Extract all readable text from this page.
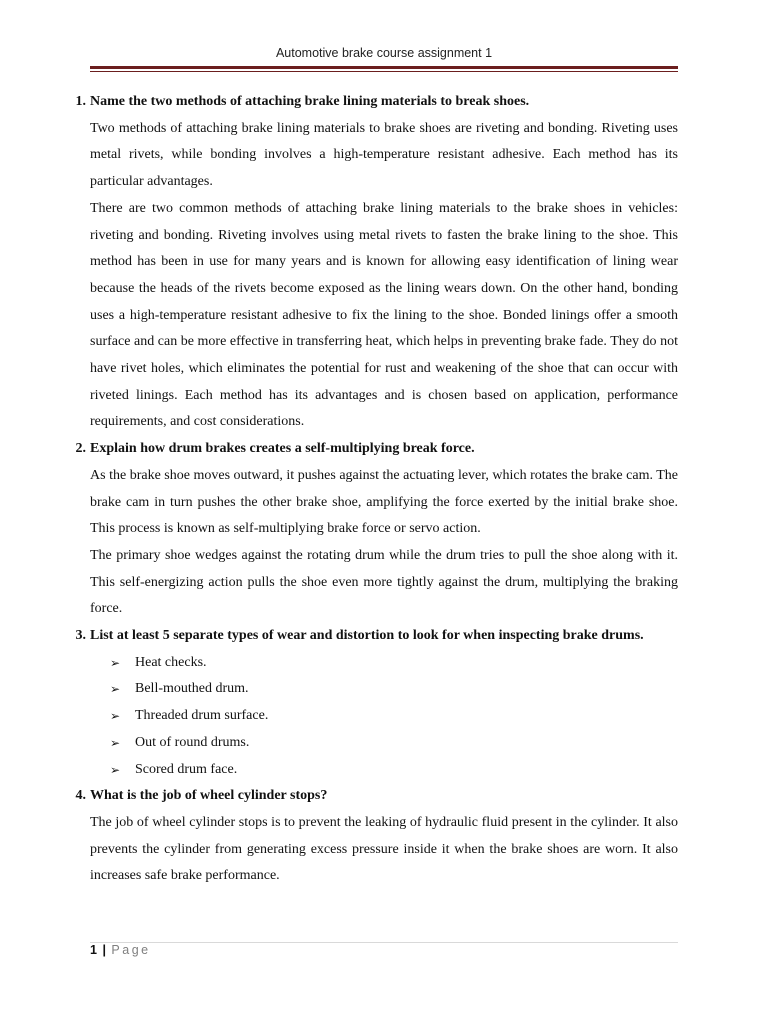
Automotive brake course assignment 1
1. Name the two methods of attaching brake lining materials to break shoes.

Two methods of attaching brake lining materials to brake shoes are riveting and bonding. Riveting uses metal rivets, while bonding involves a high-temperature resistant adhesive. Each method has its particular advantages.

There are two common methods of attaching brake lining materials to the brake shoes in vehicles: riveting and bonding. Riveting involves using metal rivets to fasten the brake lining to the shoe. This method has been in use for many years and is known for allowing easy identification of lining wear because the heads of the rivets become exposed as the lining wears down. On the other hand, bonding uses a high-temperature resistant adhesive to fix the lining to the shoe. Bonded linings offer a smooth surface and can be more effective in transferring heat, which helps in preventing brake fade. They do not have rivet holes, which eliminates the potential for rust and weakening of the shoe that can occur with riveted linings. Each method has its advantages and is chosen based on application, performance requirements, and cost considerations.

2. Explain how drum brakes creates a self-multiplying break force.

As the brake shoe moves outward, it pushes against the actuating lever, which rotates the brake cam. The brake cam in turn pushes the other brake shoe, amplifying the force exerted by the initial brake shoe. This process is known as self-multiplying brake force or servo action.

The primary shoe wedges against the rotating drum while the drum tries to pull the shoe along with it. This self-energizing action pulls the shoe even more tightly against the drum, multiplying the braking force.

3. List at least 5 separate types of wear and distortion to look for when inspecting brake drums.
➢ Heat checks.
➢ Bell-mouthed drum.
➢ Threaded drum surface.
➢ Out of round drums.
➢ Scored drum face.
4. What is the job of wheel cylinder stops?

The job of wheel cylinder stops is to prevent the leaking of hydraulic fluid present in the cylinder. It also prevents the cylinder from generating excess pressure inside it when the brake shoes are worn. It also increases safe brake performance.

1 | Page
